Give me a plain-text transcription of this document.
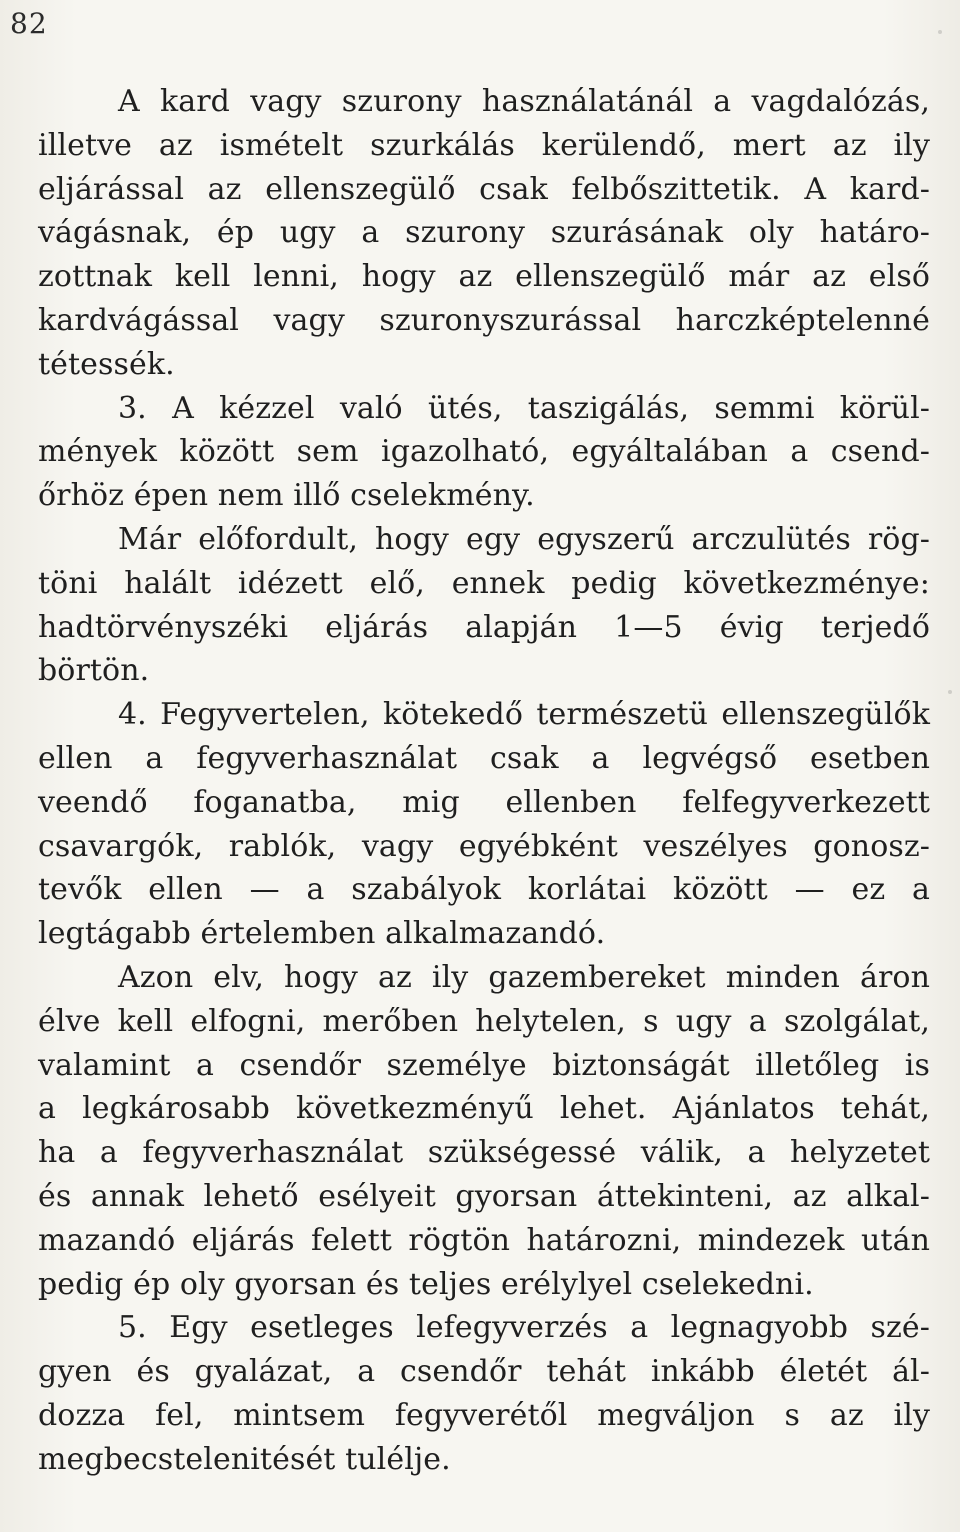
82
A kard vagy szurony használatánál a vagdalózás,
illetve az ismételt szurkálás kerülendő, mert az ily
eljárással az ellenszegülő csak felbőszittetik. A kard-
vágásnak, ép ugy a szurony szurásának oly határo-
zottnak kell lenni, hogy az ellenszegülő már az első
kardvágással vagy szuronyszurással harczképtelenné
tétessék.
3. A kézzel való ütés, taszigálás, semmi körül-
mények között sem igazolható, egyáltalában a csend-
őrhöz épen nem illő cselekmény.
Már előfordult, hogy egy egyszerű arczulütés rög-
töni halált idézett elő, ennek pedig következménye:
hadtörvényszéki eljárás alapján 1—5 évig terjedő
börtön.
4. Fegyvertelen, kötekedő természetü ellenszegülők
ellen a fegyverhasználat csak a legvégső esetben
veendő foganatba, mig ellenben felfegyverkezett
csavargók, rablók, vagy egyébként veszélyes gonosz-
tevők ellen — a szabályok korlátai között — ez a
legtágabb értelemben alkalmazandó.
Azon elv, hogy az ily gazembereket minden áron
élve kell elfogni, merőben helytelen, s ugy a szolgálat,
valamint a csendőr személye biztonságát illetőleg is
a legkárosabb következményű lehet. Ajánlatos tehát,
ha a fegyverhasználat szükségessé válik, a helyzetet
és annak lehető esélyeit gyorsan áttekinteni, az alkal-
mazandó eljárás felett rögtön határozni, mindezek után
pedig ép oly gyorsan és teljes erélylyel cselekedni.
5. Egy esetleges lefegyverzés a legnagyobb szé-
gyen és gyalázat, a csendőr tehát inkább életét ál-
dozza fel, mintsem fegyverétől megváljon s az ily
megbecstelenitését tulélje.
